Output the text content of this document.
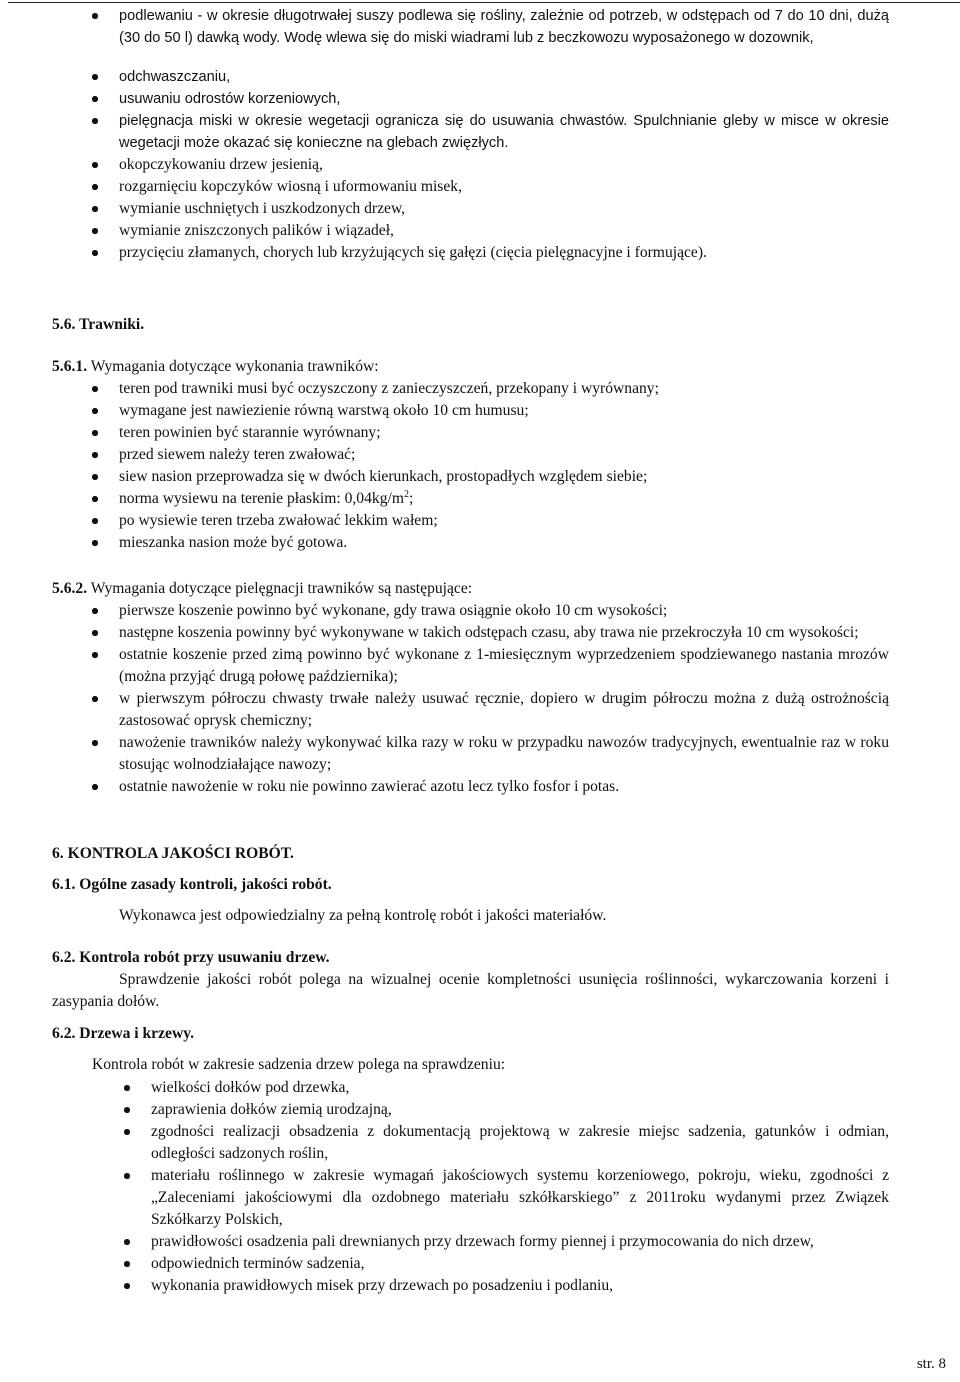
podlewaniu - w okresie długotrwałej suszy podlewa się rośliny, zależnie od potrzeb, w odstępach od 7 do 10 dni, dużą (30 do 50 l) dawką wody. Wodę wlewa się do miski wiadrami lub z beczkowozu wyposażonego w dozownik,
odchwaszczaniu,
usuwaniu odrostów korzeniowych,
pielęgnacja miski w okresie wegetacji ogranicza się do usuwania chwastów. Spulchnianie gleby w misce w okresie wegetacji może okazać się konieczne na glebach zwięzłych.
okopczykowaniu drzew jesienią,
rozgarnięciu kopczyków wiosną i uformowaniu misek,
wymianie uschniętych i uszkodzonych drzew,
wymianie zniszczonych palików i wiązadeł,
przycięciu złamanych, chorych lub krzyżujących się gałęzi (cięcia pielęgnacyjne i formujące).
5.6. Trawniki.
5.6.1. Wymagania dotyczące wykonania trawników:
teren pod trawniki musi być oczyszczony z zanieczyszczeń, przekopany i wyrównany;
wymagane jest nawiezienie równą warstwą około 10 cm humusu;
teren powinien być starannie wyrównany;
przed siewem należy teren zwałować;
siew nasion przeprowadza się w dwóch kierunkach, prostopadłych względem siebie;
norma wysiewu na terenie płaskim: $0,04kg/m^2$;
po wysiewie teren trzeba zwałować lekkim wałem;
mieszanka nasion może być gotowa.
5.6.2. Wymagania dotyczące pielęgnacji trawników są następujące:
pierwsze koszenie powinno być wykonane, gdy trawa osiągnie około 10 cm wysokości;
następne koszenia powinny być wykonywane w takich odstępach czasu, aby trawa nie przekroczyła 10 cm wysokości;
ostatnie koszenie przed zimą powinno być wykonane z 1-miesięcznym wyprzedzeniem spodziewanego nastania mrozów (można przyjąć drugą połowę października);
w pierwszym półroczu chwasty trwałe należy usuwać ręcznie, dopiero w drugim półroczu można z dużą ostrożnością zastosować oprysk chemiczny;
nawożenie trawników należy wykonywać kilka razy w roku w przypadku nawozów tradycyjnych, ewentualnie raz w roku stosując wolnodziałające nawozy;
ostatnie nawożenie w roku nie powinno zawierać azotu lecz tylko fosfor i potas.
6. KONTROLA JAKOŚCI ROBÓT.
6.1. Ogólne zasady kontroli, jakości robót.
Wykonawca jest odpowiedzialny za pełną kontrolę robót i jakości materiałów.
6.2. Kontrola robót przy usuwaniu drzew.
Sprawdzenie jakości robót polega na wizualnej ocenie kompletności usunięcia roślinności, wykarczowania korzeni i zasypania dołów.
6.2. Drzewa i krzewy.
Kontrola robót w zakresie sadzenia drzew polega na sprawdzeniu:
wielkości dołków pod drzewka,
zaprawienia dołków ziemią urodzajną,
zgodności realizacji obsadzenia z dokumentacją projektową w zakresie miejsc sadzenia, gatunków i odmian, odległości sadzonych roślin,
materiału roślinnego w zakresie wymagań jakościowych systemu korzeniowego, pokroju, wieku, zgodności z „Zaleceniami jakościowymi dla ozdobnego materiału szkółkarskiego” z 2011roku wydanymi przez Związek Szkółkarzy Polskich,
prawidłowości osadzenia pali drewnianych przy drzewach formy piennej i przymocowania do nich drzew,
odpowiednich terminów sadzenia,
wykonania prawidłowych misek przy drzewach po posadzeniu i podlaniu,
str. 8
